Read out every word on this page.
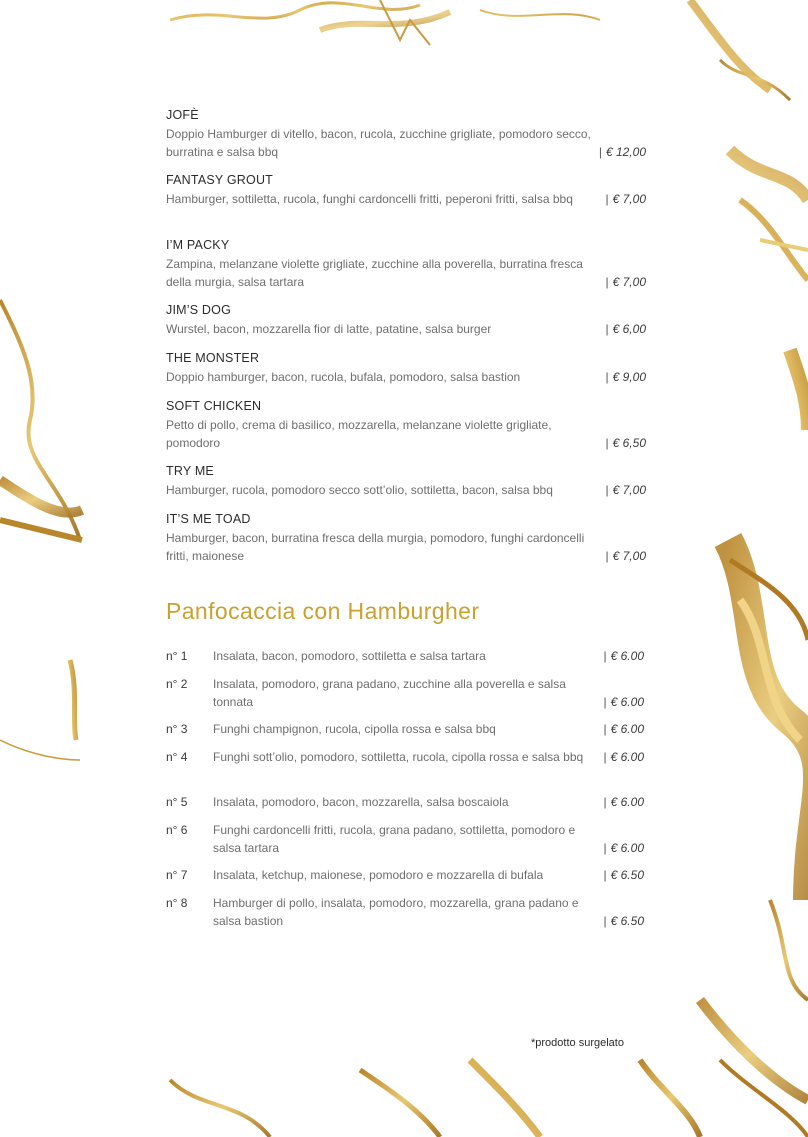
JOFÈ
Doppio Hamburger di vitello, bacon, rucola, zucchine grigliate, pomodoro secco, burratina e salsa bbq	| € 12,00
FANTASY GROUT
Hamburger, sottiletta, rucola, funghi cardoncelli fritti, peperoni fritti, salsa bbq	| € 7,00
I’M PACKY
Zampina, melanzane violette grigliate, zucchine alla poverella, burratina fresca della murgia, salsa tartara	| € 7,00
JIM’S DOG
Wurstel, bacon, mozzarella fior di latte, patatine, salsa burger	| € 6,00
THE MONSTER
Doppio hamburger, bacon, rucola, bufala, pomodoro, salsa bastion	| € 9,00
SOFT CHICKEN
Petto di pollo, crema di basilico, mozzarella, melanzane violette grigliate, pomodoro	| € 6,50
TRY ME
Hamburger, rucola, pomodoro secco sott’olio, sottiletta, bacon, salsa bbq	| € 7,00
IT’S ME TOAD
Hamburger, bacon, burratina fresca della murgia, pomodoro, funghi cardoncelli fritti, maionese	| € 7,00
Panfocaccia con Hamburgher
n° 1 Insalata, bacon, pomodoro, sottiletta e salsa tartara	| € 6.00
n° 2 Insalata, pomodoro, grana padano, zucchine alla poverella e salsa tonnata	| € 6.00
n° 3 Funghi champignon, rucola, cipolla rossa e salsa bbq	| € 6.00
n° 4 Funghi sott’olio, pomodoro, sottiletta, rucola, cipolla rossa e salsa bbq	| € 6.00
n° 5 Insalata, pomodoro, bacon, mozzarella, salsa boscaiola	| € 6.00
n° 6 Funghi cardoncelli fritti, rucola, grana padano, sottiletta, pomodoro e salsa tartara	| € 6.00
n° 7 Insalata, ketchup, maionese, pomodoro e mozzarella di bufala	| € 6.50
n° 8 Hamburger di pollo, insalata, pomodoro, mozzarella, grana padano e salsa bastion	| € 6.50
*prodotto surgelato
